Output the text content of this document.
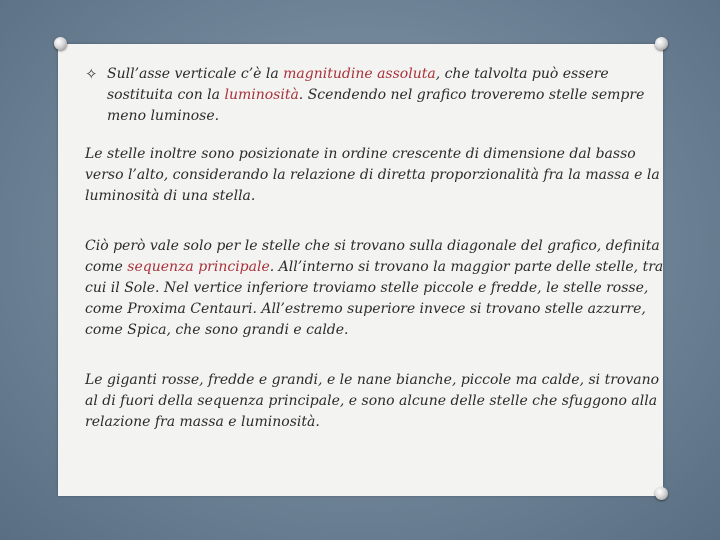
✧ Sull’asse verticale c’è la magnitudine assoluta, che talvolta può essere sostituita con la luminosità. Scendendo nel grafico troveremo stelle sempre meno luminose.

Le stelle inoltre sono posizionate in ordine crescente di dimensione dal basso verso l’alto, considerando la relazione di diretta proporzionalità fra la massa e la luminosità di una stella.

Ciò però vale solo per le stelle che si trovano sulla diagonale del grafico, definita come sequenza principale. All’interno si trovano la maggior parte delle stelle, tra cui il Sole. Nel vertice inferiore troviamo stelle piccole e fredde, le stelle rosse, come Proxima Centauri. All’estremo superiore invece si trovano stelle azzurre, come Spica, che sono grandi e calde.

Le giganti rosse, fredde e grandi, e le nane bianche, piccole ma calde, si trovano al di fuori della sequenza principale, e sono alcune delle stelle che sfuggono alla relazione fra massa e luminosità.
